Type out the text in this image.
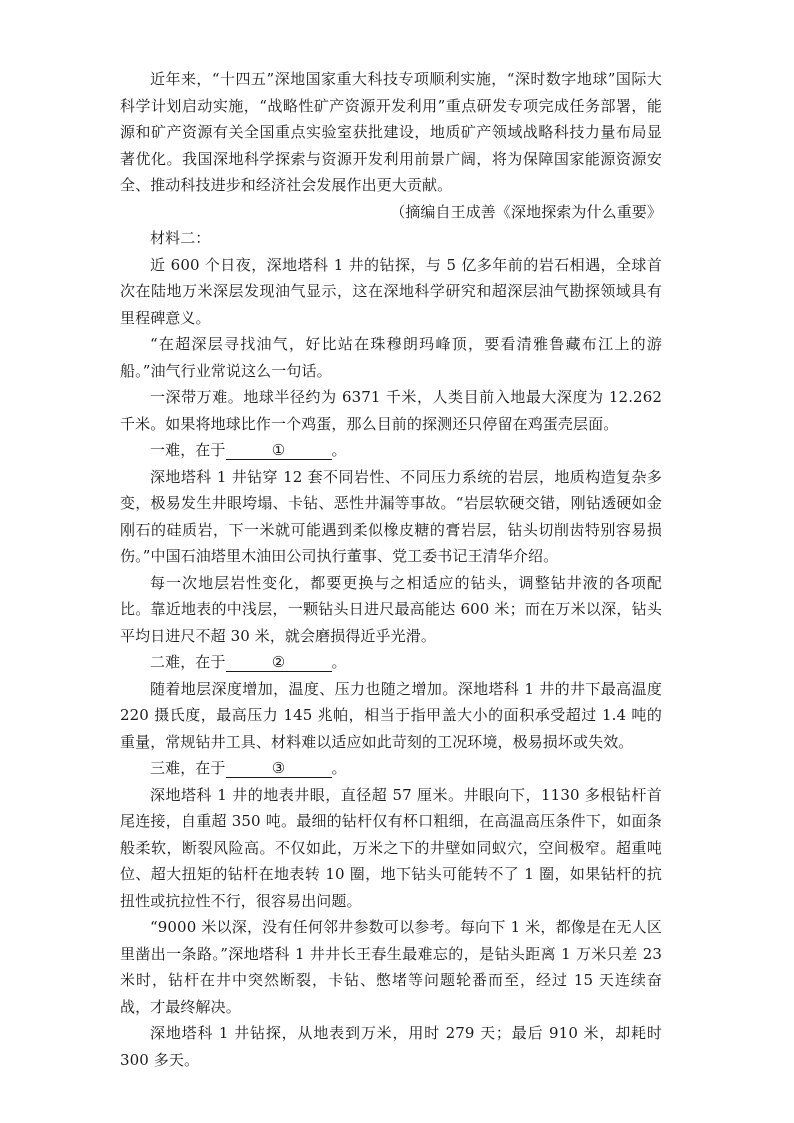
近年来，“十四五”深地国家重大科技专项顺利实施，“深时数字地球”国际大科学计划启动实施，“战略性矿产资源开发利用”重点研发专项完成任务部署，能源和矿产资源有关全国重点实验室获批建设，地质矿产领域战略科技力量布局显著优化。我国深地科学探索与资源开发利用前景广阔，将为保障国家能源资源安全、推动科技进步和经济社会发展作出更大贡献。

（摘编自王成善《深地探索为什么重要》

材料二：

近 600 个日夜，深地塔科 1 井的钻探，与 5 亿多年前的岩石相遇，全球首次在陆地万米深层发现油气显示，这在深地科学研究和超深层油气勘探领域具有里程碑意义。

“在超深层寻找油气，好比站在珠穆朗玛峰顶，要看清雅鲁藏布江上的游船。”油气行业常说这么一句话。

一深带万难。地球半径约为 6371 千米，人类目前入地最大深度为 12.262 千米。如果将地球比作一个鸡蛋，那么目前的探测还只停留在鸡蛋壳层面。

一难，在于	①	。

深地塔科 1 井钻穿 12 套不同岩性、不同压力系统的岩层，地质构造复杂多变，极易发生井眼垮塌、卡钻、恶性井漏等事故。“岩层软硬交错，刚钻透硬如金刚石的硅质岩，下一米就可能遇到柔似橡皮糖的膏岩层，钻头切削齿特别容易损伤。”中国石油塔里木油田公司执行董事、党工委书记王清华介绍。

每一次地层岩性变化，都要更换与之相适应的钻头，调整钻井液的各项配比。靠近地表的中浅层，一颗钻头日进尺最高能达 600 米；而在万米以深，钻头平均日进尺不超 30 米，就会磨损得近乎光滑。

二难，在于	②	。

随着地层深度增加，温度、压力也随之增加。深地塔科 1 井的井下最高温度 220 摄氏度，最高压力 145 兆帕，相当于指甲盖大小的面积承受超过 1.4 吨的重量，常规钻井工具、材料难以适应如此苛刻的工况环境，极易损坏或失效。

三难，在于	③	。

深地塔科 1 井的地表井眼，直径超 57 厘米。井眼向下，1130 多根钻杆首尾连接，自重超 350 吨。最细的钻杆仅有杯口粗细，在高温高压条件下，如面条般柔软，断裂风险高。不仅如此，万米之下的井壁如同蚁穴，空间极窄。超重吨位、超大扭矩的钻杆在地表转 10 圈，地下钻头可能转不了 1 圈，如果钻杆的抗扭性或抗拉性不行，很容易出问题。

“9000 米以深，没有任何邻井参数可以参考。每向下 1 米，都像是在无人区里凿出一条路。”深地塔科 1 井井长王春生最难忘的，是钻头距离 1 万米只差 23 米时，钻杆在井中突然断裂，卡钻、憋堵等问题轮番而至，经过 15 天连续奋战，才最终解决。

深地塔科 1 井钻探，从地表到万米，用时 279 天；最后 910 米，却耗时 300 多天。
